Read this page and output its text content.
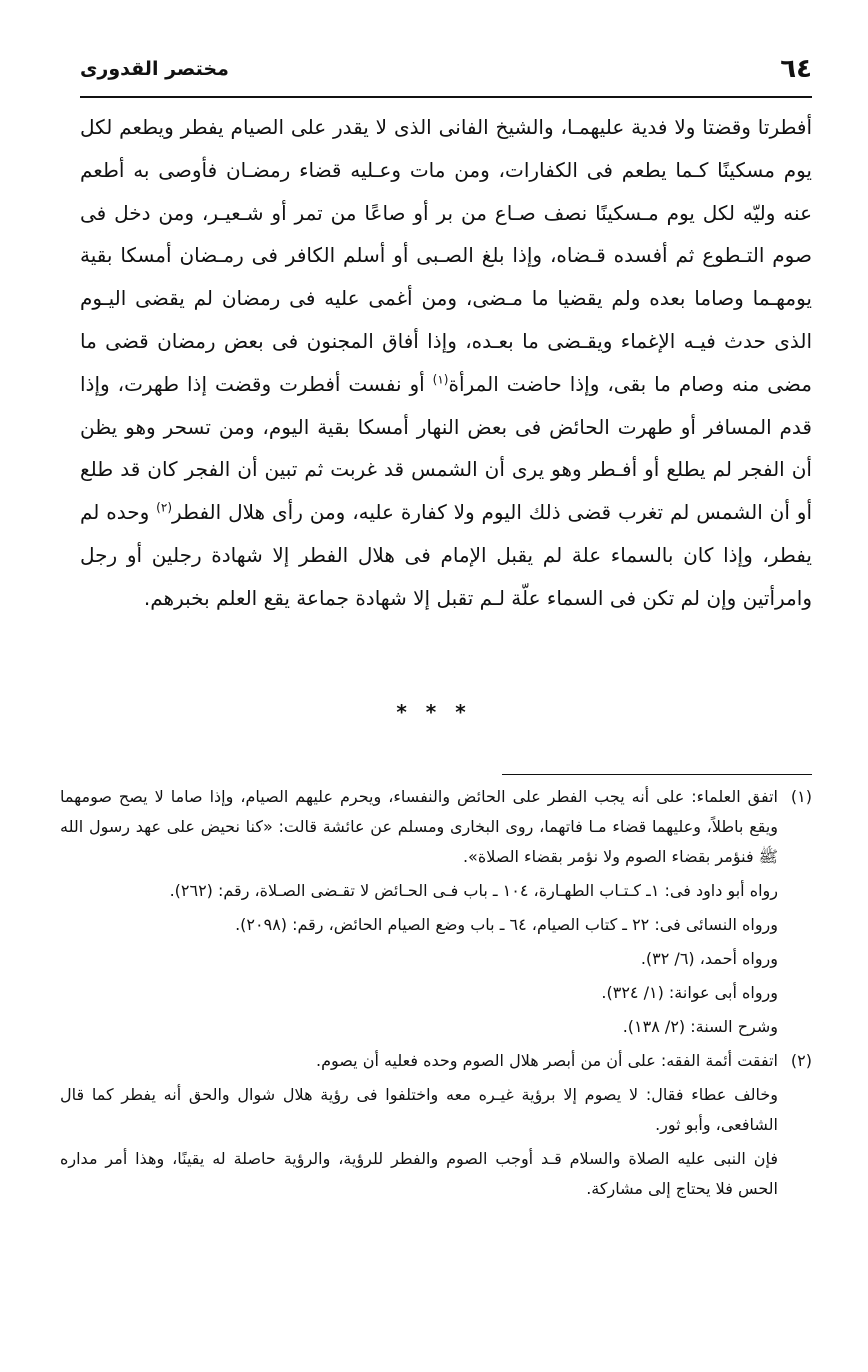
٦٤
مختصر القدورى

أفطرتا وقضتا ولا فدية عليهمـا، والشيخ الفانى الذى لا يقدر على الصيام يفطر ويطعم لكل يوم مسكينًا كـما يطعم فى الكفارات، ومن مات وعـليه قضاء رمضـان فأوصى به أطعم عنه وليّه لكل يوم مـسكينًا نصف صـاع من بر أو صاعًا من تمر أو شـعيـر، ومن دخل فى صوم التـطوع ثم أفسده قـضاه، وإذا بلغ الصـبى أو أسلم الكافر فى رمـضان أمسكا بقية يومهـما وصاما بعده ولم يقضيا ما مـضى، ومن أغمى عليه فى رمضان لم يقضى اليـوم الذى حدث فيـه الإغماء ويقـضى ما بعـده، وإذا أفاق المجنون فى بعض رمضان قضى ما مضى منه وصام ما بقى، وإذا حاضت المرأة$^{(١)}$ أو نفست أفطرت وقضت إذا طهرت، وإذا قدم المسافر أو طهرت الحائض فى بعض النهار أمسكا بقية اليوم، ومن تسحر وهو يظن أن الفجر لم يطلع أو أفـطر وهو يرى أن الشمس قد غربت ثم تبين أن الفجر كان قد طلع أو أن الشمس لم تغرب قضى ذلك اليوم ولا كفارة عليه، ومن رأى هلال الفطر$^{(٢)}$ وحده لم يفطر، وإذا كان بالسماء علة لم يقبل الإمام فى هلال الفطر إلا شهادة رجلين أو رجل وامرأتين وإن لم تكن فى السماء علّة لـم تقبل إلا شهادة جماعة يقع العلم بخبرهم.

* * *
(١)
اتفق العلماء: على أنه يجب الفطر على الحائض والنفساء، ويحرم عليهم الصيام، وإذا صاما لا يصح صومهما ويقع باطلاً، وعليهما قضاء مـا فاتهما، روى البخارى ومسلم عن عائشة قالت: «كنا نحيض على عهد رسول الله ﷺ فنؤمر بقضاء الصوم ولا نؤمر بقضاء الصلاة».
رواه أبو داود فى: ١ـ كـتـاب الطهـارة، ١٠٤ ـ باب فـى الحـائض لا تقـضى الصـلاة، رقم: (٢٦٢).
ورواه النسائى فى: ٢٢ ـ كتاب الصيام، ٦٤ ـ باب وضع الصيام الحائض، رقم: (٢٠٩٨).
ورواه أحمد، (٦/ ٣٢).
ورواه أبى عوانة: (١/ ٣٢٤).
وشرح السنة: (٢/ ١٣٨).
(٢)
اتفقت أئمة الفقه: على أن من أبصر هلال الصوم وحده فعليه أن يصوم.
وخالف عطاء فقال: لا يصوم إلا برؤية غيـره معه واختلفوا فى رؤية هلال شوال والحق أنه يفطر كما قال الشافعى، وأبو ثور.
فإن النبى عليه الصلاة والسلام قـد أوجب الصوم والفطر للرؤية، والرؤية حاصلة له يقينًا، وهذا أمر مداره الحس فلا يحتاج إلى مشاركة.
